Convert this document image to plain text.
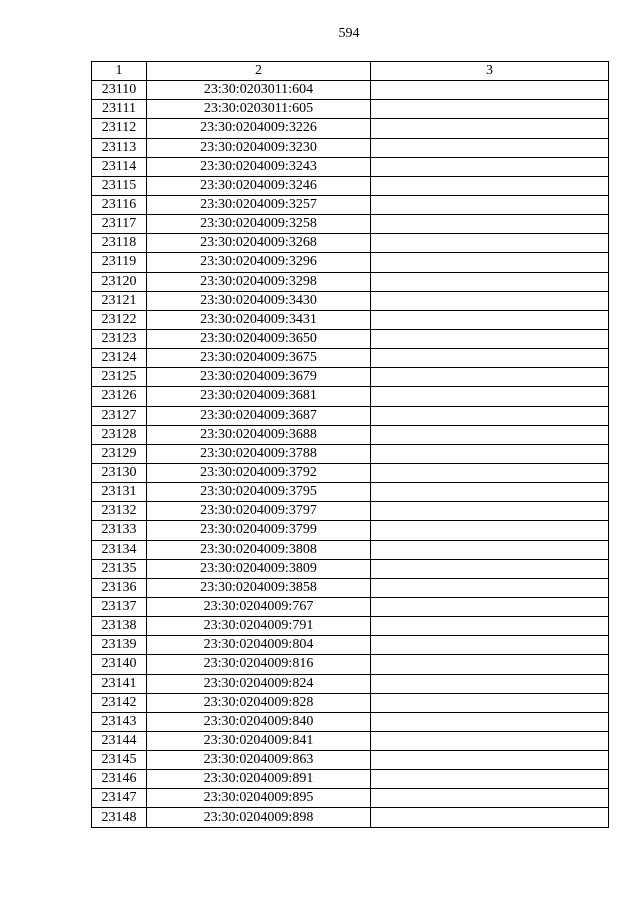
594
1	2	3
23110	23:30:0203011:604	
23111	23:30:0203011:605	
23112	23:30:0204009:3226	
23113	23:30:0204009:3230	
23114	23:30:0204009:3243	
23115	23:30:0204009:3246	
23116	23:30:0204009:3257	
23117	23:30:0204009:3258	
23118	23:30:0204009:3268	
23119	23:30:0204009:3296	
23120	23:30:0204009:3298	
23121	23:30:0204009:3430	
23122	23:30:0204009:3431	
23123	23:30:0204009:3650	
23124	23:30:0204009:3675	
23125	23:30:0204009:3679	
23126	23:30:0204009:3681	
23127	23:30:0204009:3687	
23128	23:30:0204009:3688	
23129	23:30:0204009:3788	
23130	23:30:0204009:3792	
23131	23:30:0204009:3795	
23132	23:30:0204009:3797	
23133	23:30:0204009:3799	
23134	23:30:0204009:3808	
23135	23:30:0204009:3809	
23136	23:30:0204009:3858	
23137	23:30:0204009:767	
23138	23:30:0204009:791	
23139	23:30:0204009:804	
23140	23:30:0204009:816	
23141	23:30:0204009:824	
23142	23:30:0204009:828	
23143	23:30:0204009:840	
23144	23:30:0204009:841	
23145	23:30:0204009:863	
23146	23:30:0204009:891	
23147	23:30:0204009:895	
23148	23:30:0204009:898	
